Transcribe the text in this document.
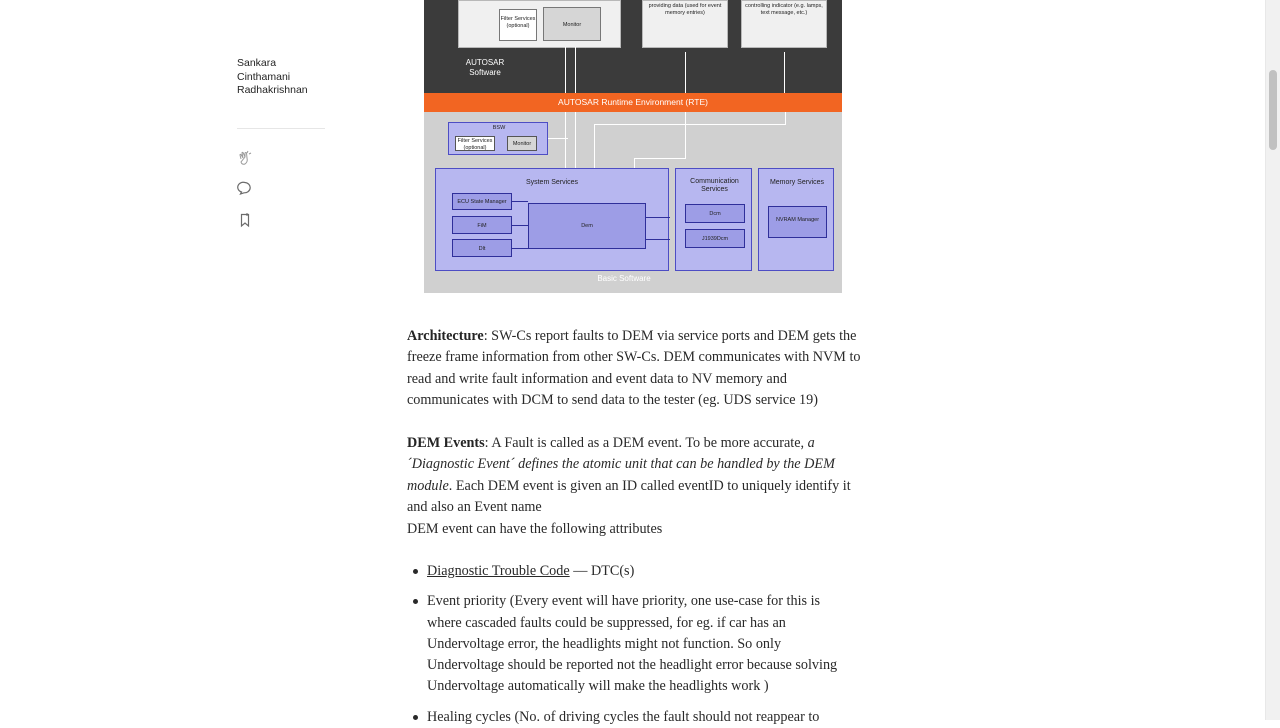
Sankara
Cinthamani
Radhakrishnan
Filter Services (optional)	Monitor
providing data (used for event memory entries)
controlling indicator (e.g. lamps, text message, etc.)
AUTOSAR Software
AUTOSAR Runtime Environment (RTE)
BSW
Filter Services (optional)
Monitor
System Services
ECU State Manager
FiM
Dlt
Dem
Communication Services
Dcm
J1939Dcm
Memory Services
NVRAM Manager
Basic Software

Architecture: SW-Cs report faults to DEM via service ports and DEM gets the freeze frame information from other SW-Cs. DEM communicates with NVM to read and write fault information and event data to NV memory and communicates with DCM to send data to the tester (eg. UDS service 19)

DEM Events: A Fault is called as a DEM event. To be more accurate, a ´Diagnostic Event´ defines the atomic unit that can be handled by the DEM module. Each DEM event is given an ID called eventID to uniquely identify it and also an Event name

DEM event can have the following attributes

Diagnostic Trouble Code — DTC(s)
Event priority (Every event will have priority, one use-case for this is where cascaded faults could be suppressed, for eg. if car has an Undervoltage error, the headlights might not function. So only Undervoltage should be reported not the headlight error because solving Undervoltage automatically will make the headlights work )
Healing cycles (No. of driving cycles the fault should not reappear to
